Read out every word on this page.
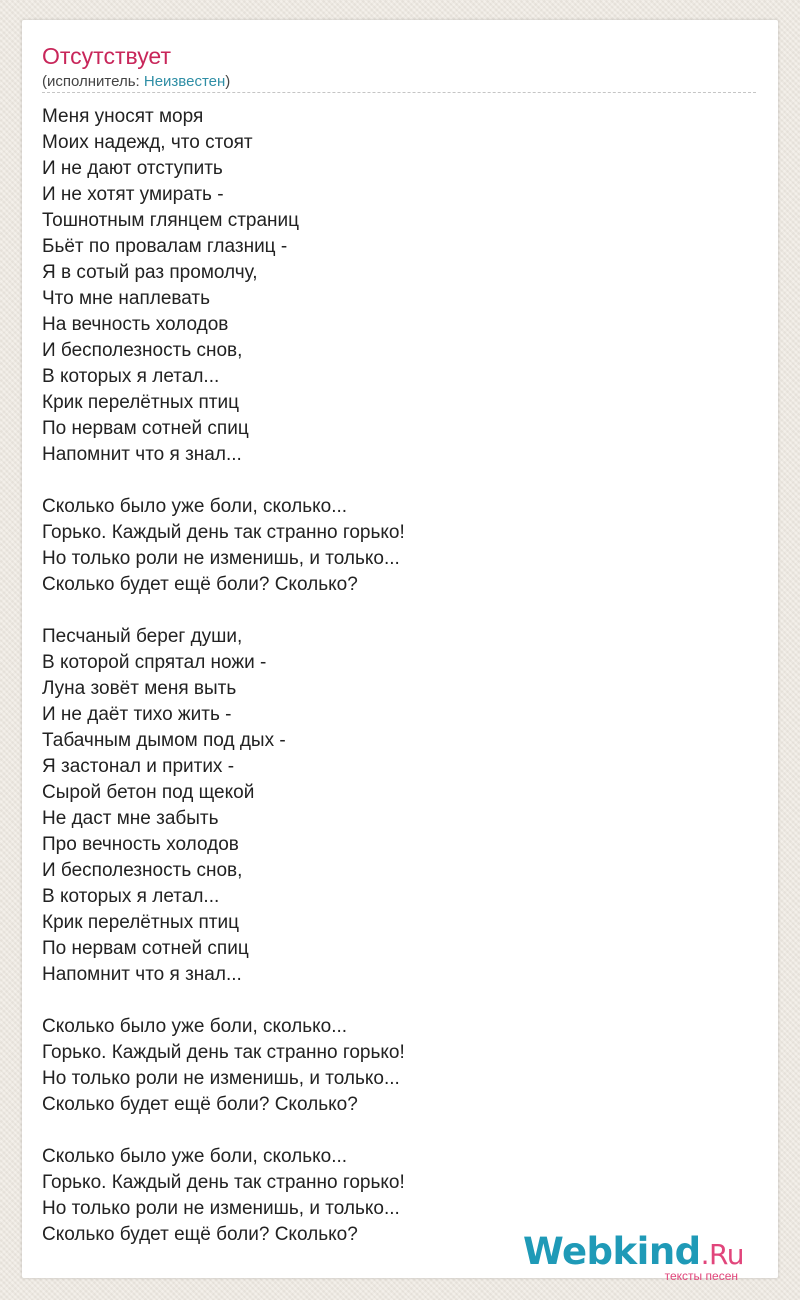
Отсутствует
(исполнитель: Неизвестен)
Меня уносят моря
Моих надежд, что стоят
И не дают отступить
И не хотят умирать -
Тошнотным глянцем страниц
Бьёт по провалам глазниц -
Я в сотый раз промолчу,
Что мне наплевать
На вечность холодов
И бесполезность снов,
В которых я летал...
Крик перелётных птиц
По нервам сотней спиц
Напомнит что я знал...
Сколько было уже боли, сколько...
Горько. Каждый день так странно горько!
Но только роли не изменишь, и только...
Сколько будет ещё боли? Сколько?
Песчаный берег души,
В которой спрятал ножи -
Луна зовёт меня выть
И не даёт тихо жить -
Табачным дымом под дых -
Я застонал и притих -
Сырой бетон под щекой
Не даст мне забыть
Про вечность холодов
И бесполезность снов,
В которых я летал...
Крик перелётных птиц
По нервам сотней спиц
Напомнит что я знал...
Сколько было уже боли, сколько...
Горько. Каждый день так странно горько!
Но только роли не изменишь, и только...
Сколько будет ещё боли? Сколько?
Сколько было уже боли, сколько...
Горько. Каждый день так странно горько!
Но только роли не изменишь, и только...
Сколько будет ещё боли? Сколько?	Webkind.Ru
тексты песен
